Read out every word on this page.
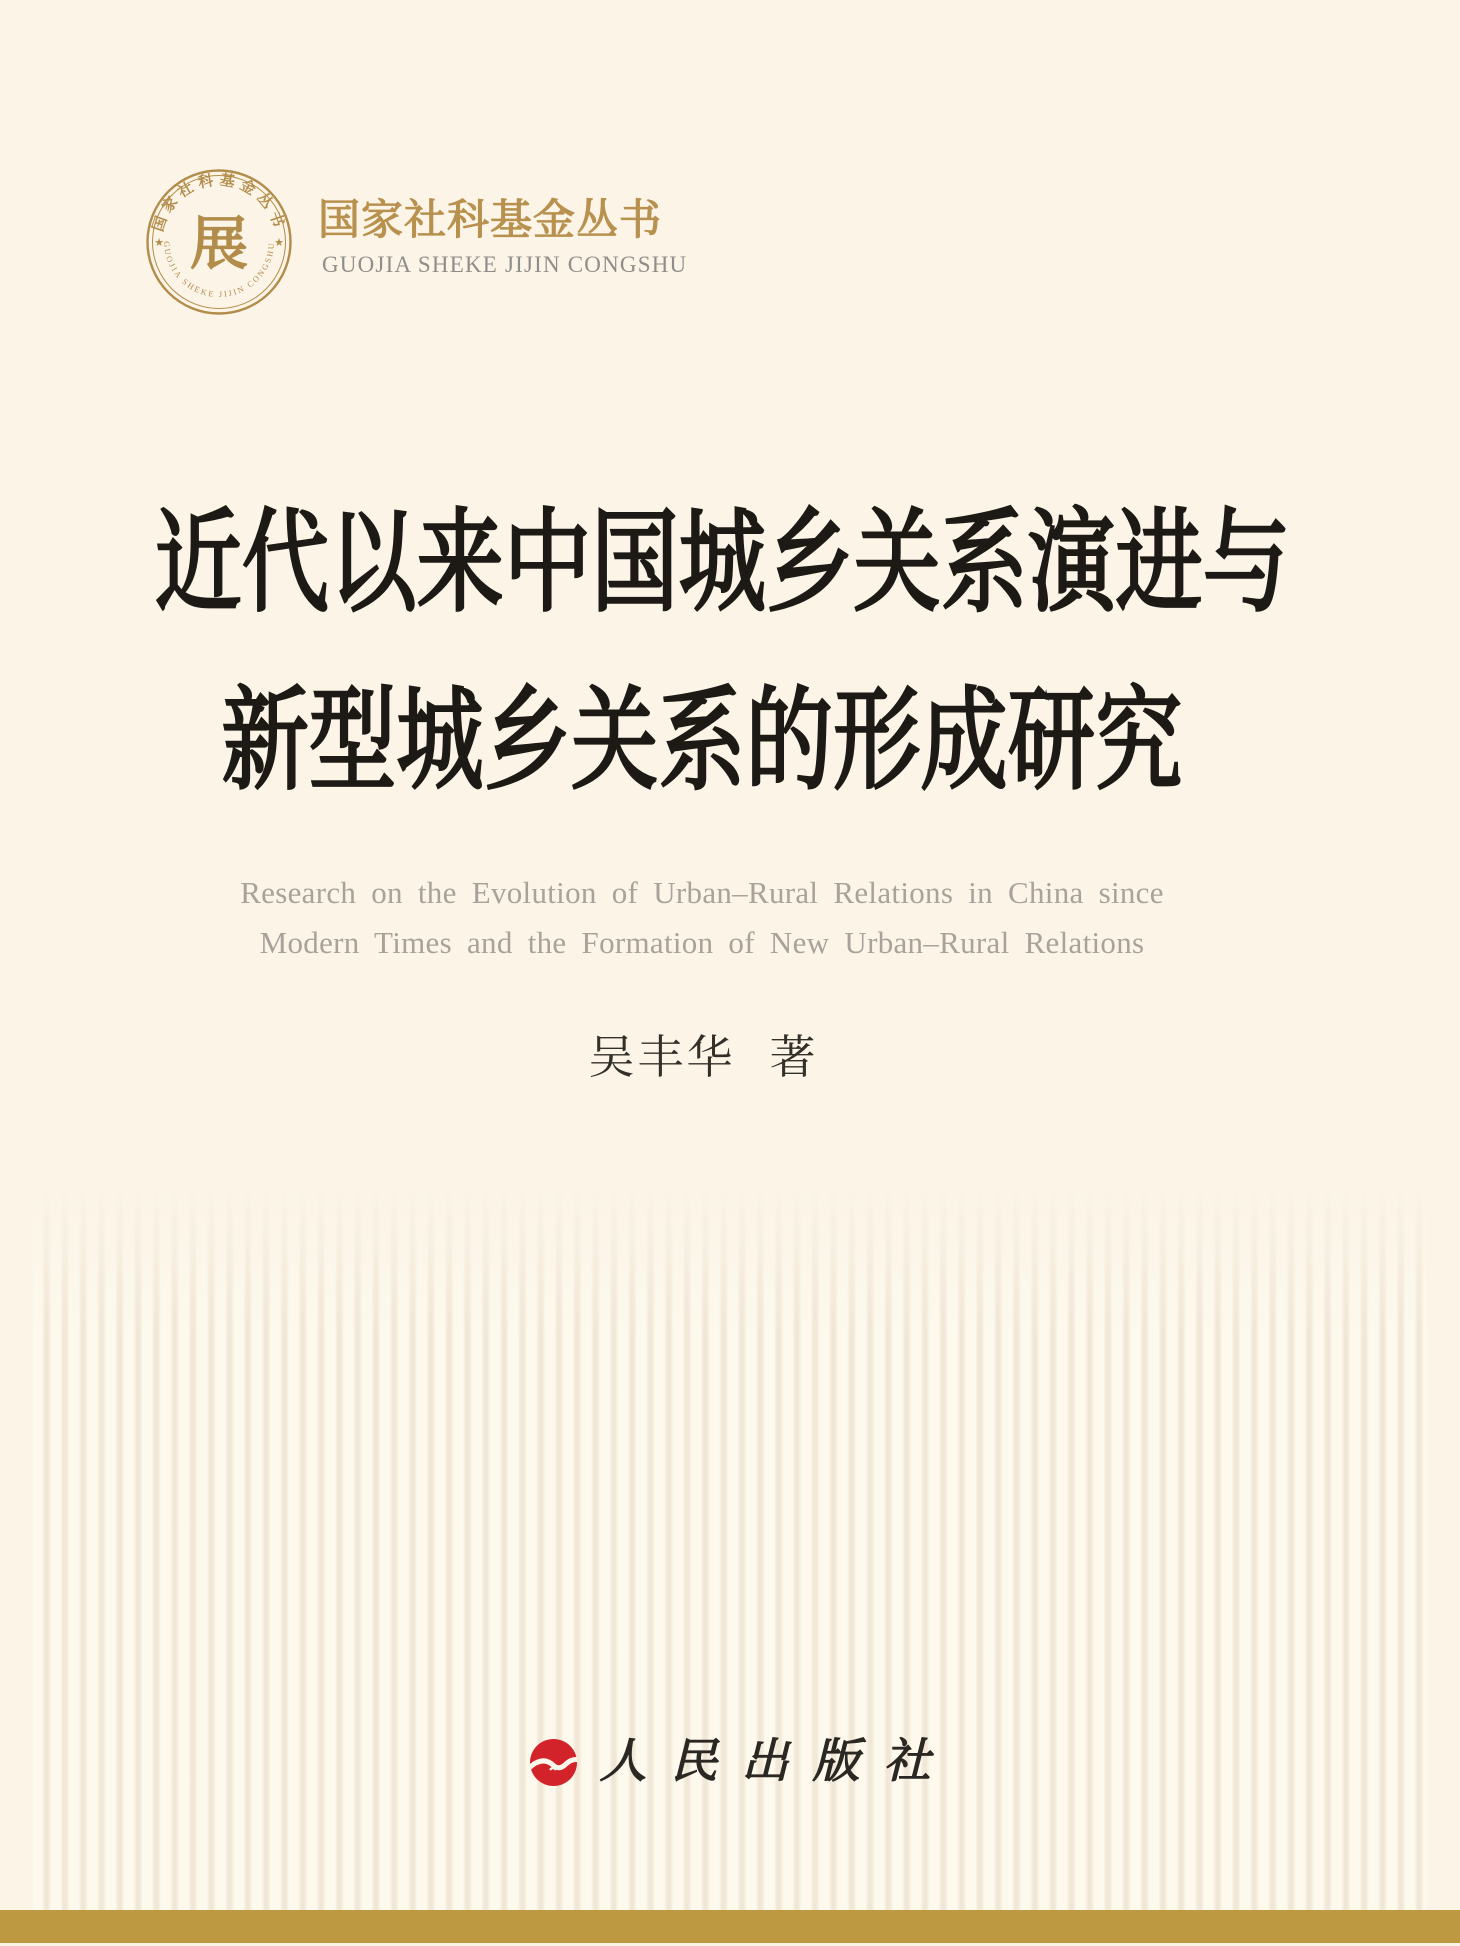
国家社科基金丛书
GUOJIA SHEKE JIJIN CONGSHU
★	★
展 国家社科基金丛书
GUOJIA SHEKE JIJIN CONGSHU
近代以来中国城乡关系演进与
新型城乡关系的形成研究
Research on the Evolution of Urban–Rural Relations in China since
Modern Times and the Formation of New Urban–Rural Relations
吴丰华 著
人民出版社
